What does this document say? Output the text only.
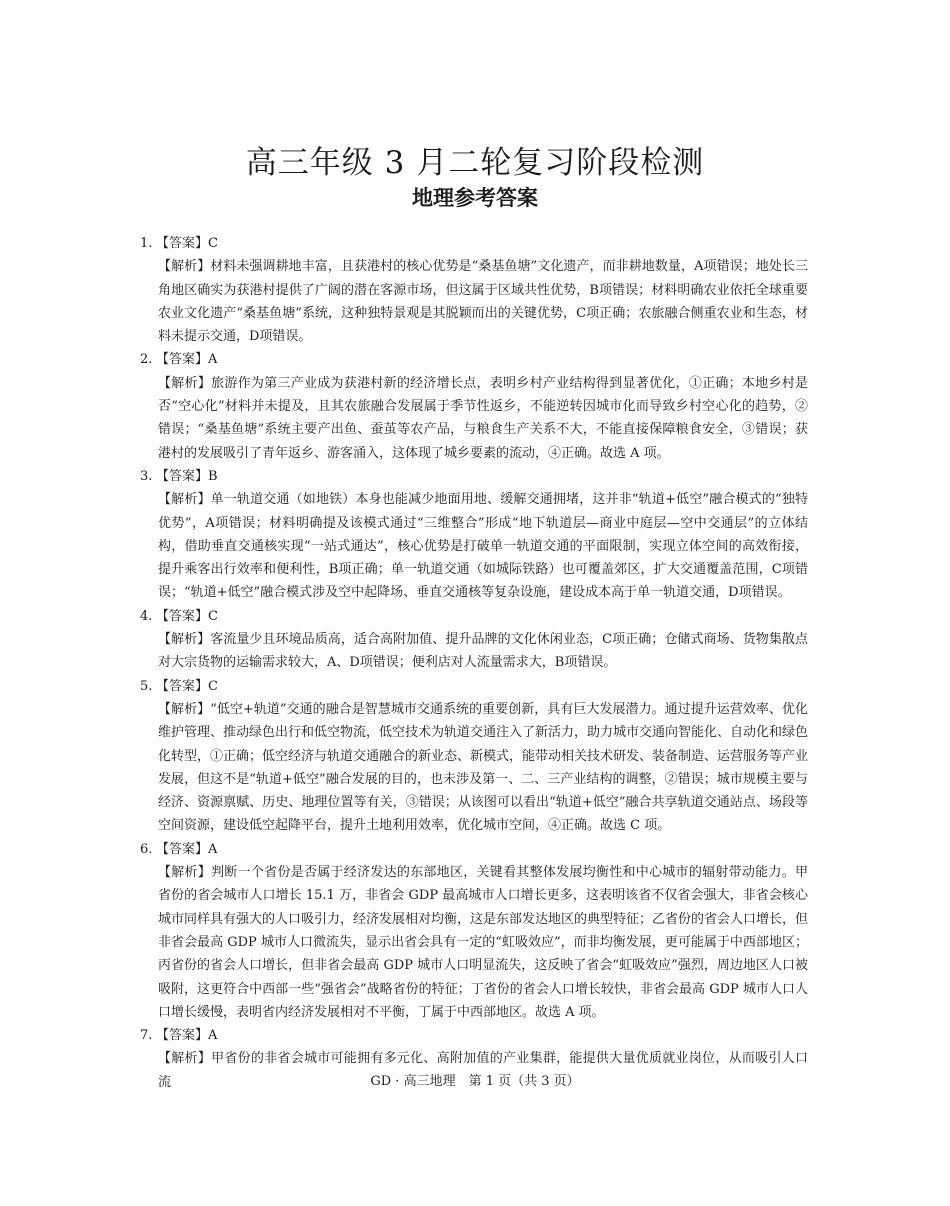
高三年级 3 月二轮复习阶段检测
地理参考答案
1. 【答案】C
【解析】材料未强调耕地丰富，且获港村的核心优势是“桑基鱼塘”文化遗产，而非耕地数量，A项错误；地处长三角地区确实为获港村提供了广阔的潜在客源市场，但这属于区域共性优势，B项错误；材料明确农业依托全球重要农业文化遗产“桑基鱼塘”系统，这种独特景观是其脱颖而出的关键优势，C项正确；农旅融合侧重农业和生态，材料未提示交通，D项错误。
2. 【答案】A
【解析】旅游作为第三产业成为获港村新的经济增长点，表明乡村产业结构得到显著优化，①正确；本地乡村是否“空心化”材料并未提及，且其农旅融合发展属于季节性返乡，不能逆转因城市化而导致乡村空心化的趋势，②错误；“桑基鱼塘”系统主要产出鱼、蚕茧等农产品，与粮食生产关系不大，不能直接保障粮食安全，③错误；获港村的发展吸引了青年返乡、游客涌入，这体现了城乡要素的流动，④正确。故选 A 项。
3. 【答案】B
【解析】单一轨道交通（如地铁）本身也能减少地面用地、缓解交通拥堵，这并非“轨道+低空”融合模式的“独特优势”，A项错误；材料明确提及该模式通过“三维整合”形成“地下轨道层—商业中庭层—空中交通层”的立体结构，借助垂直交通核实现“一站式通达”，核心优势是打破单一轨道交通的平面限制，实现立体空间的高效衔接，提升乘客出行效率和便利性，B项正确；单一轨道交通（如城际铁路）也可覆盖郊区，扩大交通覆盖范围，C项错误；“轨道+低空”融合模式涉及空中起降场、垂直交通核等复杂设施，建设成本高于单一轨道交通，D项错误。
4. 【答案】C
【解析】客流量少且环境品质高，适合高附加值、提升品牌的文化休闲业态，C项正确；仓储式商场、货物集散点对大宗货物的运输需求较大，A、D项错误；便利店对人流量需求大，B项错误。
5. 【答案】C
【解析】“低空+轨道”交通的融合是智慧城市交通系统的重要创新，具有巨大发展潜力。通过提升运营效率、优化维护管理、推动绿色出行和低空物流，低空技术为轨道交通注入了新活力，助力城市交通向智能化、自动化和绿色化转型，①正确；低空经济与轨道交通融合的新业态、新模式，能带动相关技术研发、装备制造、运营服务等产业发展，但这不是“轨道+低空”融合发展的目的，也未涉及第一、二、三产业结构的调整，②错误；城市规模主要与经济、资源禀赋、历史、地理位置等有关，③错误；从该图可以看出“轨道+低空”融合共享轨道交通站点、场段等空间资源，建设低空起降平台，提升土地利用效率，优化城市空间，④正确。故选 C 项。
6. 【答案】A
【解析】判断一个省份是否属于经济发达的东部地区，关键看其整体发展均衡性和中心城市的辐射带动能力。甲省份的省会城市人口增长 15.1 万，非省会 GDP 最高城市人口增长更多，这表明该省不仅省会强大，非省会核心城市同样具有强大的人口吸引力，经济发展相对均衡，这是东部发达地区的典型特征；乙省份的省会人口增长，但非省会最高 GDP 城市人口微流失，显示出省会具有一定的“虹吸效应”，而非均衡发展，更可能属于中西部地区；丙省份的省会人口增长，但非省会最高 GDP 城市人口明显流失，这反映了省会“虹吸效应”强烈，周边地区人口被吸附，这更符合中西部一些“强省会”战略省份的特征；丁省份的省会人口增长较快，非省会最高 GDP 城市人口人口增长缓慢，表明省内经济发展相对不平衡，丁属于中西部地区。故选 A 项。
7. 【答案】A
【解析】甲省份的非省会城市可能拥有多元化、高附加值的产业集群，能提供大量优质就业岗位，从而吸引人口流	GD · 高三地理　第 1 页（共 3 页）
